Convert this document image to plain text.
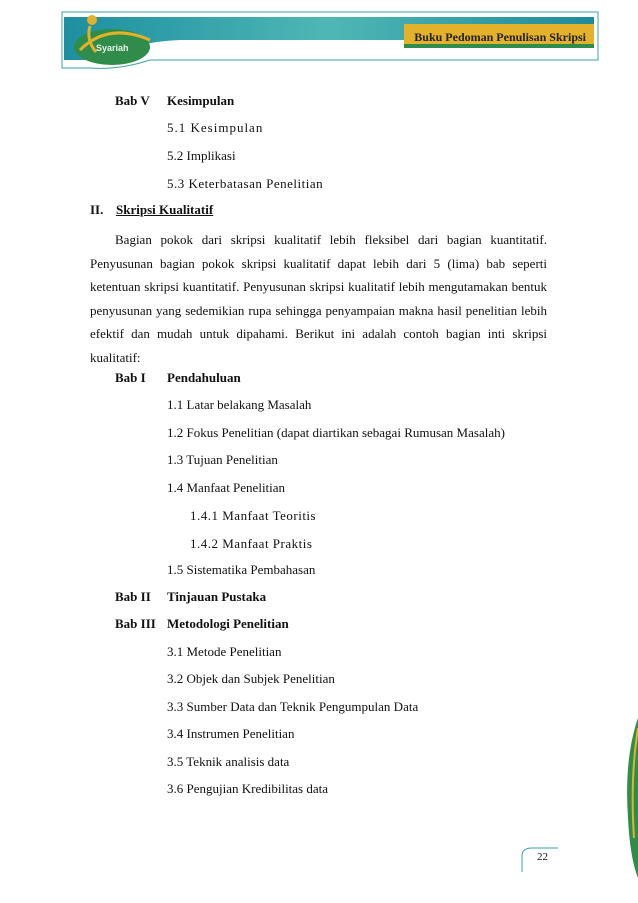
Syariah
Buku Pedoman Penulisan Skripsi
Bab V Kesimpulan
5.1 Kesimpulan
5.2 Implikasi
5.3 Keterbatasan Penelitian
II. Skripsi Kualitatif
Bagian pokok dari skripsi kualitatif lebih fleksibel dari bagian kuantitatif. Penyusunan bagian pokok skripsi kualitatif dapat lebih dari 5 (lima) bab seperti ketentuan skripsi kuantitatif. Penyusunan skripsi kualitatif lebih mengutamakan bentuk penyusunan yang sedemikian rupa sehingga penyampaian makna hasil penelitian lebih efektif dan mudah untuk dipahami. Berikut ini adalah contoh bagian inti skripsi kualitatif:
Bab I Pendahuluan
1.1 Latar belakang Masalah
1.2 Fokus Penelitian (dapat diartikan sebagai Rumusan Masalah)
1.3 Tujuan Penelitian
1.4 Manfaat Penelitian
1.4.1 Manfaat Teoritis
1.4.2 Manfaat Praktis
1.5 Sistematika Pembahasan
Bab II Tinjauan Pustaka
Bab III Metodologi Penelitian
3.1 Metode Penelitian
3.2 Objek dan Subjek Penelitian
3.3 Sumber Data dan Teknik Pengumpulan Data
3.4 Instrumen Penelitian
3.5 Teknik analisis data
3.6 Pengujian Kredibilitas data
22
